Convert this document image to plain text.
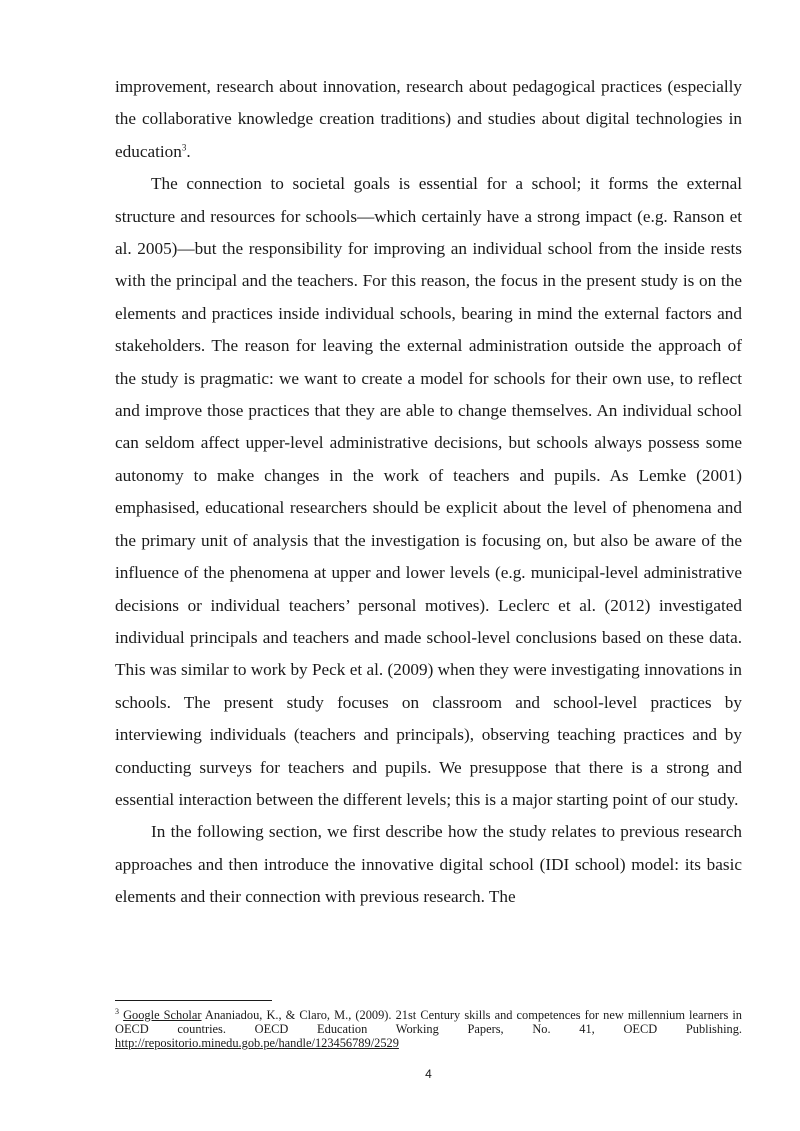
improvement, research about innovation, research about pedagogical practices (especially the collaborative knowledge creation traditions) and studies about digital technologies in education$^3$.

The connection to societal goals is essential for a school; it forms the external structure and resources for schools—which certainly have a strong impact (e.g. Ranson et al. 2005)—but the responsibility for improving an individual school from the inside rests with the principal and the teachers. For this reason, the focus in the present study is on the elements and practices inside individual schools, bearing in mind the external factors and stakeholders. The reason for leaving the external administration outside the approach of the study is pragmatic: we want to create a model for schools for their own use, to reflect and improve those practices that they are able to change themselves. An individual school can seldom affect upper-level administrative decisions, but schools always possess some autonomy to make changes in the work of teachers and pupils. As Lemke (2001) emphasised, educational researchers should be explicit about the level of phenomena and the primary unit of analysis that the investigation is focusing on, but also be aware of the influence of the phenomena at upper and lower levels (e.g. municipal-level administrative decisions or individual teachers’ personal motives). Leclerc et al. (2012) investigated individual principals and teachers and made school-level conclusions based on these data. This was similar to work by Peck et al. (2009) when they were investigating innovations in schools. The present study focuses on classroom and school-level practices by interviewing individuals (teachers and principals), observing teaching practices and by conducting surveys for teachers and pupils. We presuppose that there is a strong and essential interaction between the different levels; this is a major starting point of our study.

In the following section, we first describe how the study relates to previous research approaches and then introduce the innovative digital school (IDI school) model: its basic elements and their connection with previous research. The

$^3$ Google Scholar Ananiadou, K., & Claro, M., (2009). 21st Century skills and competences for new millennium learners in OECD countries. OECD Education Working Papers, No. 41, OECD Publishing. http://repositorio.minedu.gob.pe/handle/123456789/2529
4
